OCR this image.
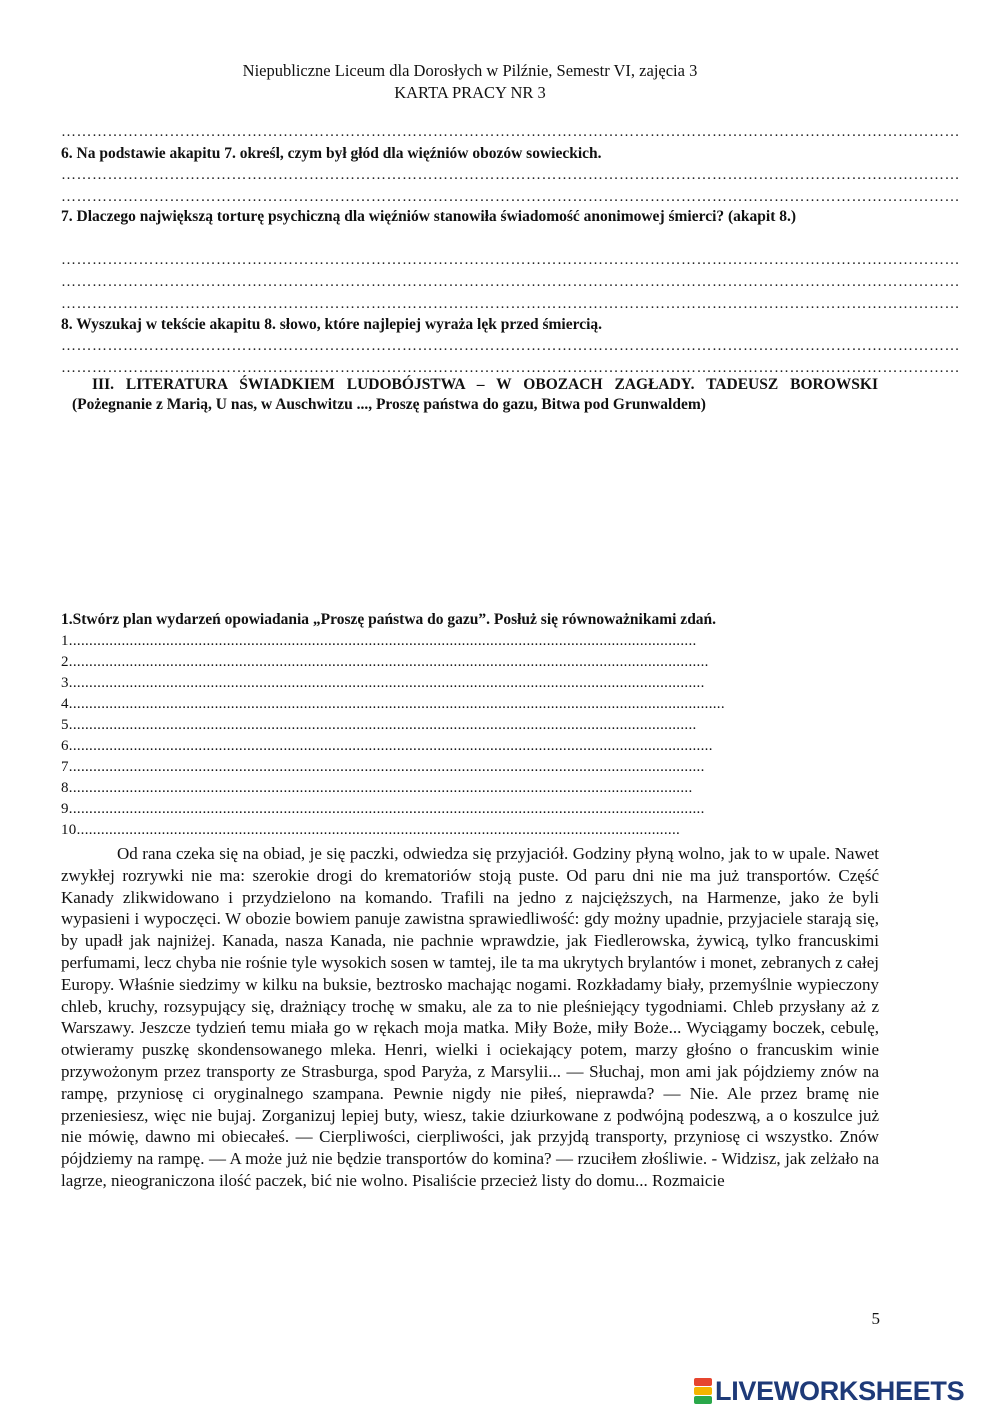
Niepubliczne Liceum dla Dorosłych w Pilźnie, Semestr VI, zajęcia 3
KARTA PRACY NR 3
…………………………………………………………………………………………………………………………………………………………
6. Na podstawie akapitu 7. określ, czym był głód dla więźniów obozów sowieckich.
…………………………………………………………………………………………………………………………………………………………
…………………………………………………………………………………………………………………………………………………………
7. Dlaczego największą torturę psychiczną dla więźniów stanowiła świadomość anonimowej śmierci? (akapit 8.)
…………………………………………………………………………………………………………………………………………………………
…………………………………………………………………………………………………………………………………………………………
…………………………………………………………………………………………………………………………………………………………
8. Wyszukaj w tekście akapitu 8. słowo, które najlepiej wyraża lęk przed śmiercią.
…………………………………………………………………………………………………………………………………………………………
…………………………………………………………………………………………………………………………………………………………
III. LITERATURA ŚWIADKIEM LUDOBÓJSTWA – W OBOZACH ZAGŁADY. TADEUSZ BOROWSKI (Pożegnanie z Marią, U nas, w Auschwitzu ..., Proszę państwa do gazu, Bitwa pod Grunwaldem)
1.Stwórz plan wydarzeń opowiadania „Proszę państwa do gazu”. Posłuż się równoważnikami zdań.
1...........................................................................................................................................................
2..............................................................................................................................................................
3.............................................................................................................................................................
4..................................................................................................................................................................
5...........................................................................................................................................................
6...............................................................................................................................................................
7.............................................................................................................................................................
8..........................................................................................................................................................
9.............................................................................................................................................................
10.....................................................................................................................................................
Od rana czeka się na obiad, je się paczki, odwiedza się przyjaciół. Godziny płyną wolno, jak to w upale. Nawet zwykłej rozrywki nie ma: szerokie drogi do krematoriów stoją puste. Od paru dni nie ma już transportów. Część Kanady zlikwidowano i przydzielono na komando. Trafili na jedno z najcięższych, na Harmenze, jako że byli wypasieni i wypoczęci. W obozie bowiem panuje zawistna sprawiedliwość: gdy możny upadnie, przyjaciele starają się, by upadł jak najniżej. Kanada, nasza Kanada, nie pachnie wprawdzie, jak Fiedlerowska, żywicą, tylko francuskimi perfumami, lecz chyba nie rośnie tyle wysokich sosen w tamtej, ile ta ma ukrytych brylantów i monet, zebranych z całej Europy. Właśnie siedzimy w kilku na buksie, beztrosko machając nogami. Rozkładamy biały, przemyślnie wypieczony chleb, kruchy, rozsypujący się, drażniący trochę w smaku, ale za to nie pleśniejący tygodniami. Chleb przysłany aż z Warszawy. Jeszcze tydzień temu miała go w rękach moja matka. Miły Boże, miły Boże... Wyciągamy boczek, cebulę, otwieramy puszkę skondensowanego mleka. Henri, wielki i ociekający potem, marzy głośno o francuskim winie przywożonym przez transporty ze Strasburga, spod Paryża, z Marsylii... — Słuchaj, mon ami jak pójdziemy znów na rampę, przyniosę ci oryginalnego szampana. Pewnie nigdy nie piłeś, nieprawda? — Nie. Ale przez bramę nie przeniesiesz, więc nie bujaj. Zorganizuj lepiej buty, wiesz, takie dziurkowane z podwójną podeszwą, a o koszulce już nie mówię, dawno mi obiecałeś. — Cierpliwości, cierpliwości, jak przyjdą transporty, przyniosę ci wszystko. Znów pójdziemy na rampę. — A może już nie będzie transportów do komina? — rzuciłem złośliwie. - Widzisz, jak zelżało na lagrze, nieograniczona ilość paczek, bić nie wolno. Pisaliście przecież listy do domu... Rozmaicie
5
LIVEWORKSHEETS
